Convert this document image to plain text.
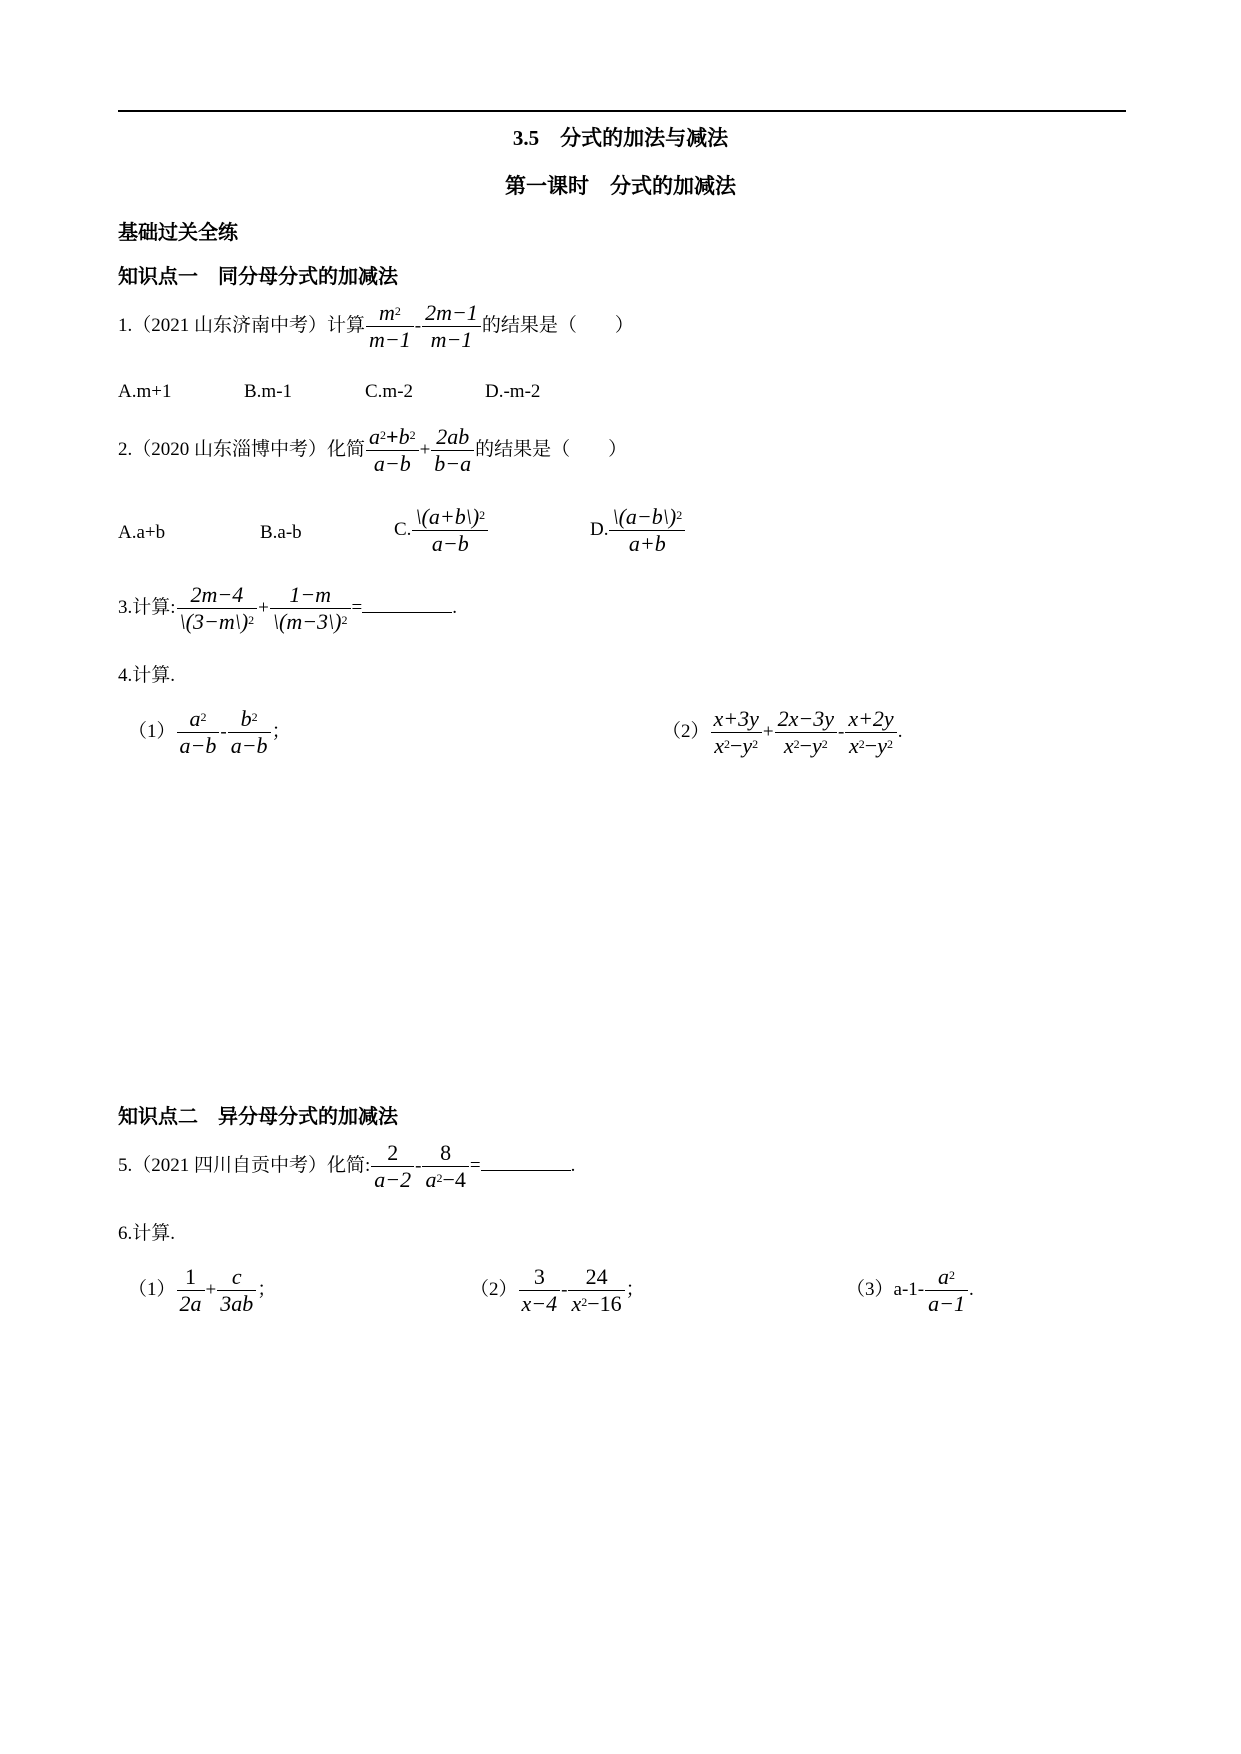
3.5　分式的加法与减法
第一课时　分式的加减法
基础过关全练
知识点一　同分母分式的加减法
1.（2021 山东济南中考）计算 $\frac{m^2}{m-1} - \frac{2m-1}{m-1}$ 的结果是（　　）
A.m+1	B.m-1	C.m-2	D.-m-2
2.（2020 山东淄博中考）化简 $\frac{a^2+b^2}{a-b} + \frac{2ab}{b-a}$ 的结果是（　　）
A.a+b	B.a-b	C. $\frac{\backslash(a+b\backslash)^2}{a-b}$	D. $\frac{\backslash(a-b\backslash)^2}{a+b}$
3.计算: $\frac{2m-4}{\backslash(3-m\backslash)^2} + \frac{1-m}{\backslash(m-3\backslash)^2}$ =	.
4.计算.
$(1) \frac{a^2}{a-b} - \frac{b^2}{a-b}$ ；	$(2) \frac{x+3y}{x^2-y^2} + \frac{2x-3y}{x^2-y^2} - \frac{x+2y}{x^2-y^2}$ .
知识点二　异分母分式的加减法
5.（2021 四川自贡中考）化简: $\frac{2}{a-2} - \frac{8}{a^2-4}$ =	.
6.计算.
$(1) \frac{1}{2a} + \frac{c}{3ab}$ ；	$(2) \frac{3}{x-4} - \frac{24}{x^2-16}$ ；	$(3)a-1- \frac{a^2}{a-1}$ .
